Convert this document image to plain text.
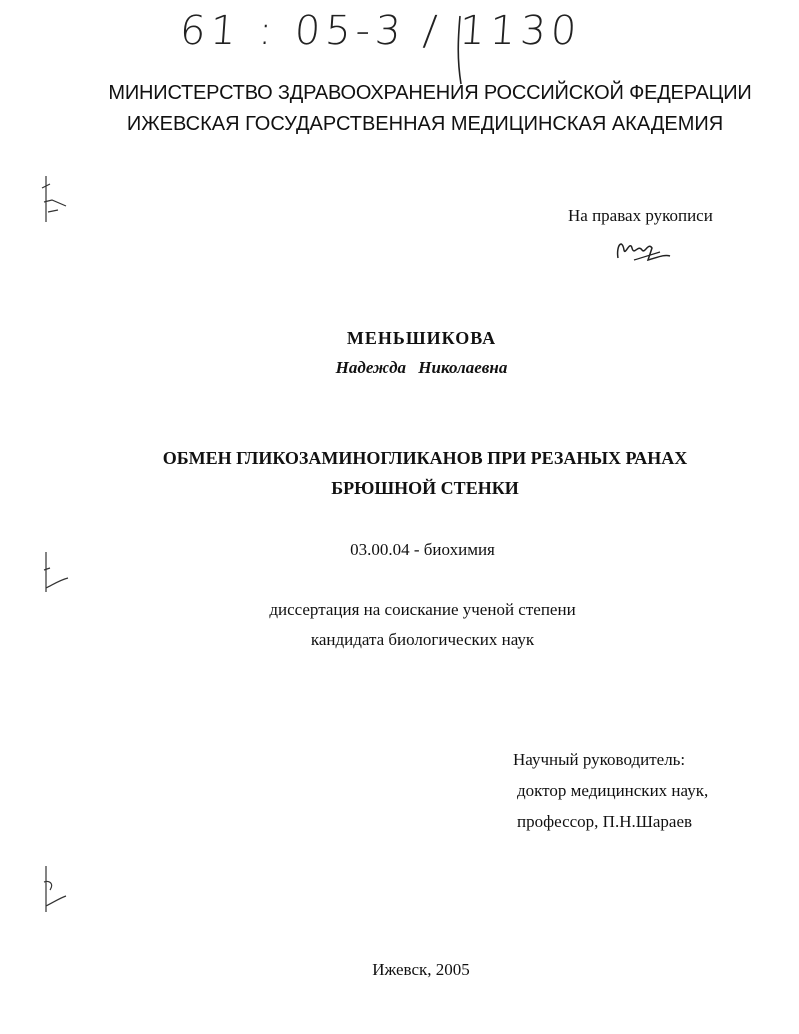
61 : 05-3 / 1130
МИНИСТЕРСТВО ЗДРАВООХРАНЕНИЯ РОССИЙСКОЙ ФЕДЕРАЦИИ
ИЖЕВСКАЯ ГОСУДАРСТВЕННАЯ МЕДИЦИНСКАЯ АКАДЕМИЯ
На правах рукописи
МЕНЬШИКОВА
Надежда Николаевна
ОБМЕН ГЛИКОЗАМИНОГЛИКАНОВ ПРИ РЕЗАНЫХ РАНАХ
БРЮШНОЙ СТЕНКИ
03.00.04 - биохимия
диссертация на соискание ученой степени
кандидата биологических наук
Научный руководитель:
доктор медицинских наук,
профессор, П.Н.Шараев
Ижевск, 2005
